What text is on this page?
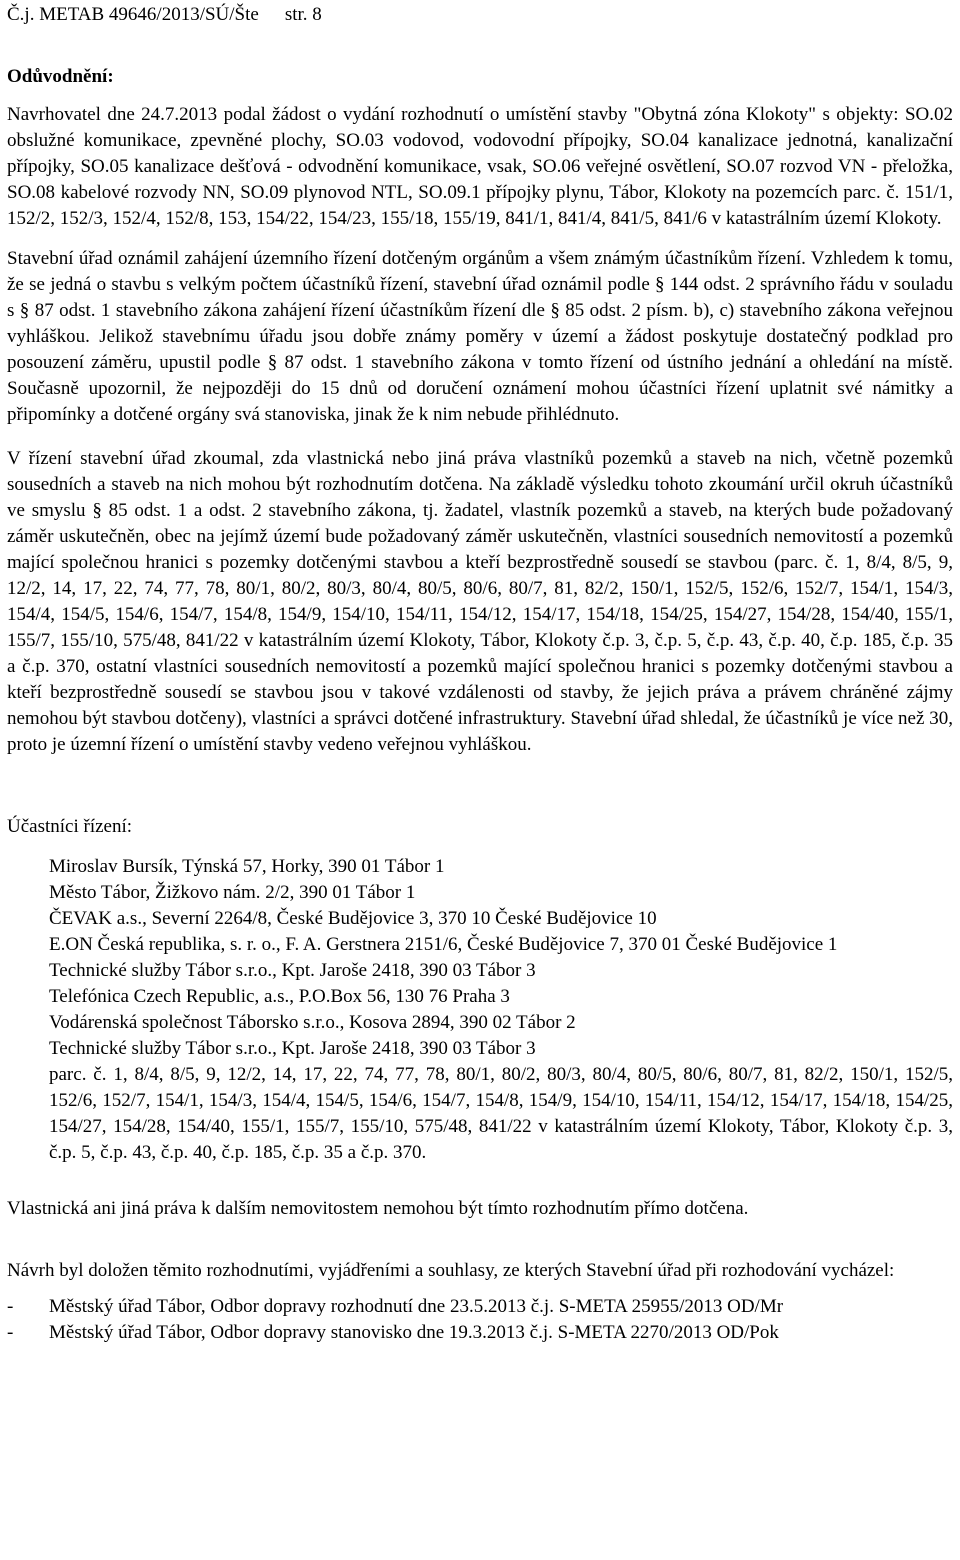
Č.j. METAB 49646/2013/SÚ/Šte str. 8
Odůvodnění:

Navrhovatel dne 24.7.2013 podal žádost o vydání rozhodnutí o umístění stavby "Obytná zóna Klokoty" s objekty: SO.02 obslužné komunikace, zpevněné plochy, SO.03 vodovod, vodovodní přípojky, SO.04 kanalizace jednotná, kanalizační přípojky, SO.05 kanalizace dešťová - odvodnění komunikace, vsak, SO.06 veřejné osvětlení, SO.07 rozvod VN - přeložka, SO.08 kabelové rozvody NN, SO.09 plynovod NTL, SO.09.1 přípojky plynu, Tábor, Klokoty na pozemcích parc. č. 151/1, 152/2, 152/3, 152/4, 152/8, 153, 154/22, 154/23, 155/18, 155/19, 841/1, 841/4, 841/5, 841/6 v katastrálním území Klokoty.

Stavební úřad oznámil zahájení územního řízení dotčeným orgánům a všem známým účastníkům řízení. Vzhledem k tomu, že se jedná o stavbu s velkým počtem účastníků řízení, stavební úřad oznámil podle § 144 odst. 2 správního řádu v souladu s § 87 odst. 1 stavebního zákona zahájení řízení účastníkům řízení dle § 85 odst. 2 písm. b), c) stavebního zákona veřejnou vyhláškou. Jelikož stavebnímu úřadu jsou dobře známy poměry v území a žádost poskytuje dostatečný podklad pro posouzení záměru, upustil podle § 87 odst. 1 stavebního zákona v tomto řízení od ústního jednání a ohledání na místě. Současně upozornil, že nejpozději do 15 dnů od doručení oznámení mohou účastníci řízení uplatnit své námitky a připomínky a dotčené orgány svá stanoviska, jinak že k nim nebude přihlédnuto.

V řízení stavební úřad zkoumal, zda vlastnická nebo jiná práva vlastníků pozemků a staveb na nich, včetně pozemků sousedních a staveb na nich mohou být rozhodnutím dotčena. Na základě výsledku tohoto zkoumání určil okruh účastníků ve smyslu § 85 odst. 1 a odst. 2 stavebního zákona, tj. žadatel, vlastník pozemků a staveb, na kterých bude požadovaný záměr uskutečněn, obec na jejímž území bude požadovaný záměr uskutečněn, vlastníci sousedních nemovitostí a pozemků mající společnou hranici s pozemky dotčenými stavbou a kteří bezprostředně sousedí se stavbou (parc. č. 1, 8/4, 8/5, 9, 12/2, 14, 17, 22, 74, 77, 78, 80/1, 80/2, 80/3, 80/4, 80/5, 80/6, 80/7, 81, 82/2, 150/1, 152/5, 152/6, 152/7, 154/1, 154/3, 154/4, 154/5, 154/6, 154/7, 154/8, 154/9, 154/10, 154/11, 154/12, 154/17, 154/18, 154/25, 154/27, 154/28, 154/40, 155/1, 155/7, 155/10, 575/48, 841/22 v katastrálním území Klokoty, Tábor, Klokoty č.p. 3, č.p. 5, č.p. 43, č.p. 40, č.p. 185, č.p. 35 a č.p. 370, ostatní vlastníci sousedních nemovitostí a pozemků mající společnou hranici s pozemky dotčenými stavbou a kteří bezprostředně sousedí se stavbou jsou v takové vzdálenosti od stavby, že jejich práva a právem chráněné zájmy nemohou být stavbou dotčeny), vlastníci a správci dotčené infrastruktury. Stavební úřad shledal, že účastníků je více než 30, proto je územní řízení o umístění stavby vedeno veřejnou vyhláškou.

Účastníci řízení:
Miroslav Bursík, Týnská 57, Horky, 390 01 Tábor 1
Město Tábor, Žižkovo nám. 2/2, 390 01 Tábor 1
ČEVAK a.s., Severní 2264/8, České Budějovice 3, 370 10 České Budějovice 10
E.ON Česká republika, s. r. o., F. A. Gerstnera 2151/6, České Budějovice 7, 370 01 České Budějovice 1
Technické služby Tábor s.r.o., Kpt. Jaroše 2418, 390 03 Tábor 3
Telefónica Czech Republic, a.s., P.O.Box 56, 130 76 Praha 3
Vodárenská společnost Táborsko s.r.o., Kosova 2894, 390 02 Tábor 2
Technické služby Tábor s.r.o., Kpt. Jaroše 2418, 390 03 Tábor 3
parc. č. 1, 8/4, 8/5, 9, 12/2, 14, 17, 22, 74, 77, 78, 80/1, 80/2, 80/3, 80/4, 80/5, 80/6, 80/7, 81, 82/2, 150/1, 152/5, 152/6, 152/7, 154/1, 154/3, 154/4, 154/5, 154/6, 154/7, 154/8, 154/9, 154/10, 154/11, 154/12, 154/17, 154/18, 154/25, 154/27, 154/28, 154/40, 155/1, 155/7, 155/10, 575/48, 841/22 v katastrálním území Klokoty, Tábor, Klokoty č.p. 3, č.p. 5, č.p. 43, č.p. 40, č.p. 185, č.p. 35 a č.p. 370.

Vlastnická ani jiná práva k dalším nemovitostem nemohou být tímto rozhodnutím přímo dotčena.

Návrh byl doložen těmito rozhodnutími, vyjádřeními a souhlasy, ze kterých Stavební úřad při rozhodování vycházel:

-	Městský úřad Tábor, Odbor dopravy rozhodnutí dne 23.5.2013 č.j. S-META 25955/2013 OD/Mr
-	Městský úřad Tábor, Odbor dopravy stanovisko dne 19.3.2013 č.j. S-META 2270/2013 OD/Pok
